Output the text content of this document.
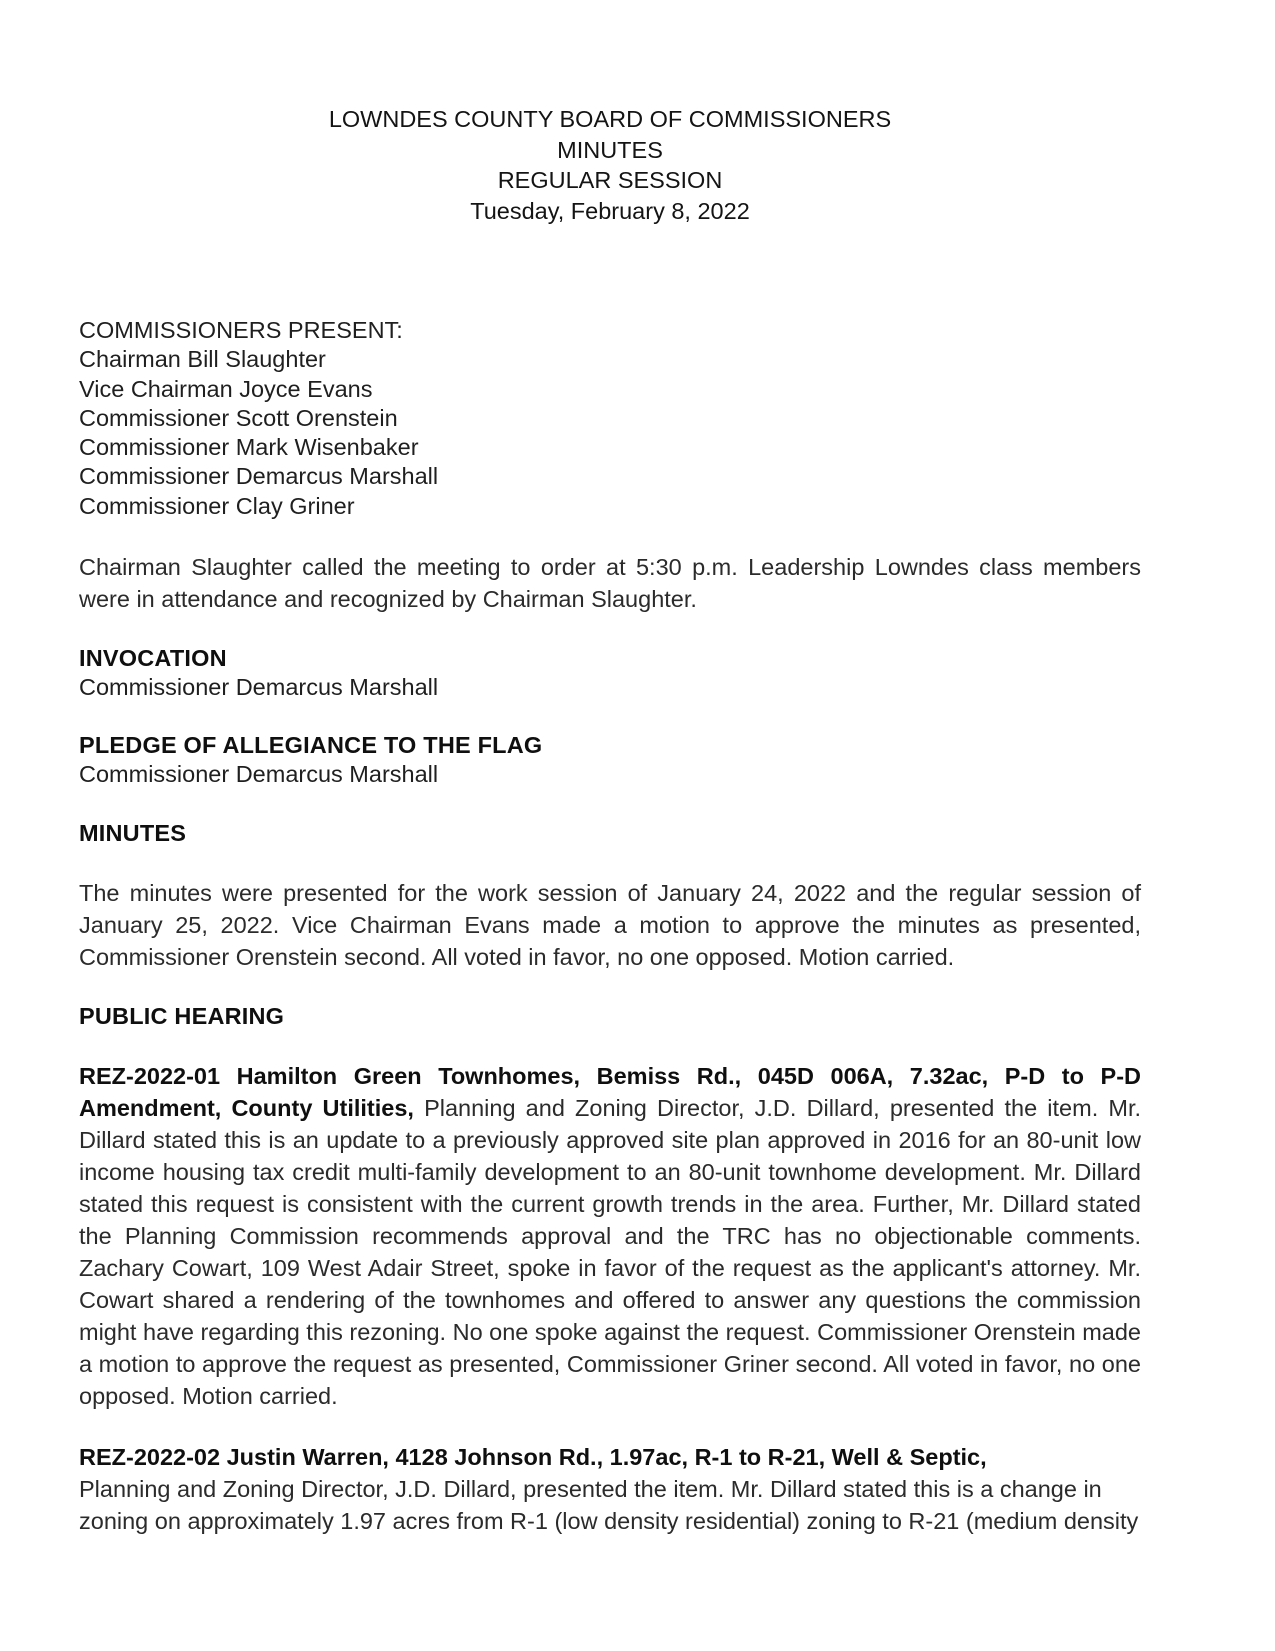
LOWNDES COUNTY BOARD OF COMMISSIONERS
MINUTES
REGULAR SESSION
Tuesday, February 8, 2022
COMMISSIONERS PRESENT:
Chairman Bill Slaughter
Vice Chairman Joyce Evans
Commissioner Scott Orenstein
Commissioner Mark Wisenbaker
Commissioner Demarcus Marshall
Commissioner Clay Griner

Chairman Slaughter called the meeting to order at 5:30 p.m. Leadership Lowndes class members were in attendance and recognized by Chairman Slaughter.

INVOCATION
Commissioner Demarcus Marshall
PLEDGE OF ALLEGIANCE TO THE FLAG
Commissioner Demarcus Marshall
MINUTES

The minutes were presented for the work session of January 24, 2022 and the regular session of January 25, 2022. Vice Chairman Evans made a motion to approve the minutes as presented, Commissioner Orenstein second. All voted in favor, no one opposed. Motion carried.

PUBLIC HEARING

REZ-2022-01 Hamilton Green Townhomes, Bemiss Rd., 045D 006A, 7.32ac, P-D to P-D Amendment, County Utilities, Planning and Zoning Director, J.D. Dillard, presented the item. Mr. Dillard stated this is an update to a previously approved site plan approved in 2016 for an 80-unit low income housing tax credit multi-family development to an 80-unit townhome development. Mr. Dillard stated this request is consistent with the current growth trends in the area. Further, Mr. Dillard stated the Planning Commission recommends approval and the TRC has no objectionable comments. Zachary Cowart, 109 West Adair Street, spoke in favor of the request as the applicant's attorney. Mr. Cowart shared a rendering of the townhomes and offered to answer any questions the commission might have regarding this rezoning. No one spoke against the request. Commissioner Orenstein made a motion to approve the request as presented, Commissioner Griner second. All voted in favor, no one opposed. Motion carried.

REZ-2022-02 Justin Warren, 4128 Johnson Rd., 1.97ac, R-1 to R-21, Well & Septic,

Planning and Zoning Director, J.D. Dillard, presented the item. Mr. Dillard stated this is a change in zoning on approximately 1.97 acres from R-1 (low density residential) zoning to R-21 (medium density
